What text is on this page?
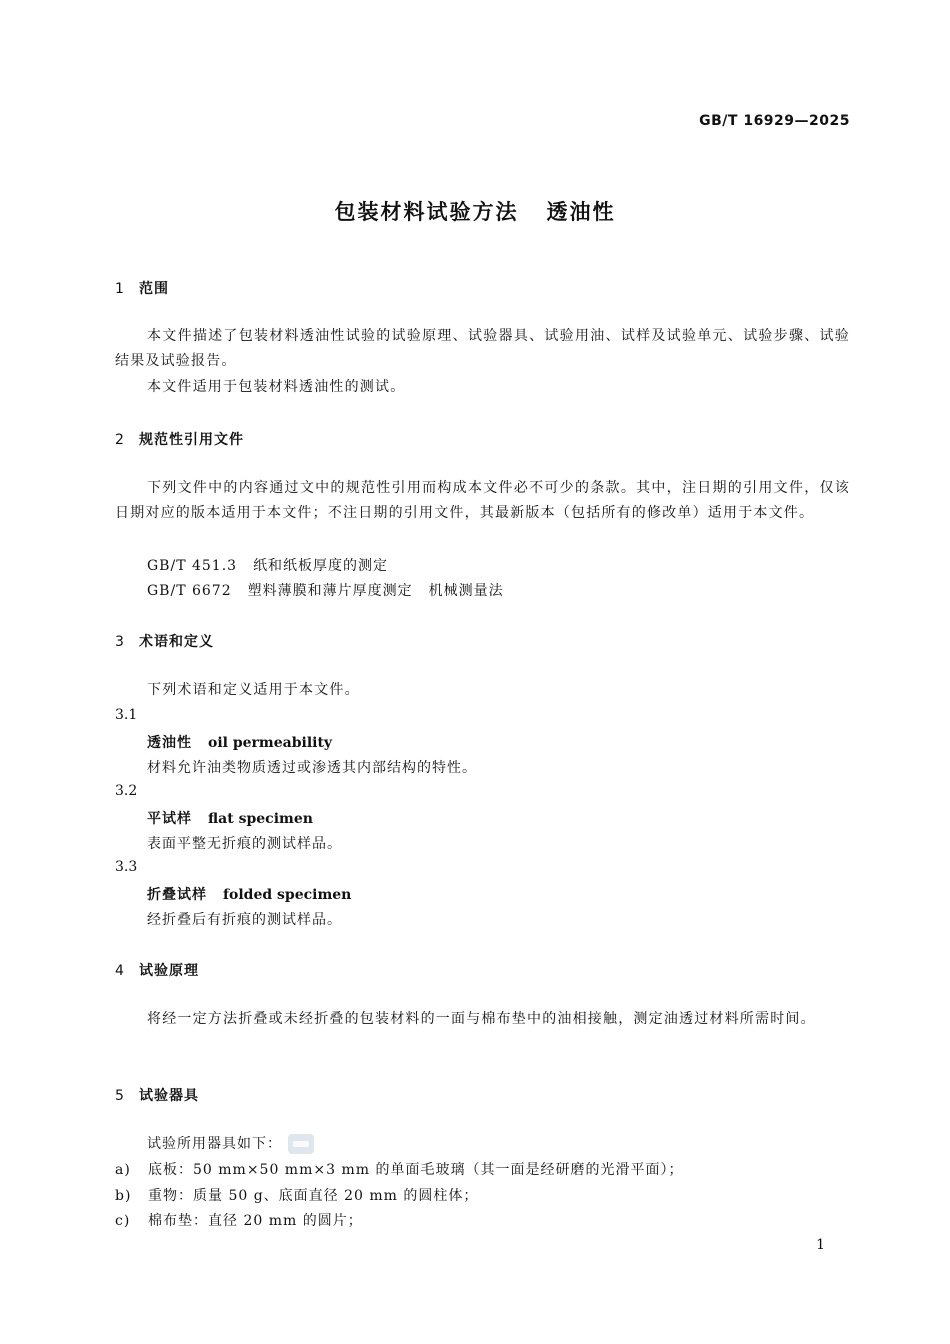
GB/T 16929—2025
包装材料试验方法 透油性
1 范围
本文件描述了包装材料透油性试验的试验原理、试验器具、试验用油、试样及试验单元、试验步骤、试验结果及试验报告。
本文件适用于包装材料透油性的测试。
2 规范性引用文件
下列文件中的内容通过文中的规范性引用而构成本文件必不可少的条款。其中，注日期的引用文件，仅该日期对应的版本适用于本文件；不注日期的引用文件，其最新版本（包括所有的修改单）适用于本文件。
GB/T 451.3 纸和纸板厚度的测定
GB/T 6672 塑料薄膜和薄片厚度测定 机械测量法
3 术语和定义
下列术语和定义适用于本文件。
3.1
透油性 oil permeability
材料允许油类物质透过或渗透其内部结构的特性。
3.2
平试样 flat specimen
表面平整无折痕的测试样品。
3.3
折叠试样 folded specimen
经折叠后有折痕的测试样品。
4 试验原理
将经一定方法折叠或未经折叠的包装材料的一面与棉布垫中的油相接触，测定油透过材料所需时间。
5 试验器具
试验所用器具如下：
a) 底板：50 mm×50 mm×3 mm 的单面毛玻璃（其一面是经研磨的光滑平面）；
b) 重物：质量 50 g、底面直径 20 mm 的圆柱体；
c) 棉布垫：直径 20 mm 的圆片；
1
